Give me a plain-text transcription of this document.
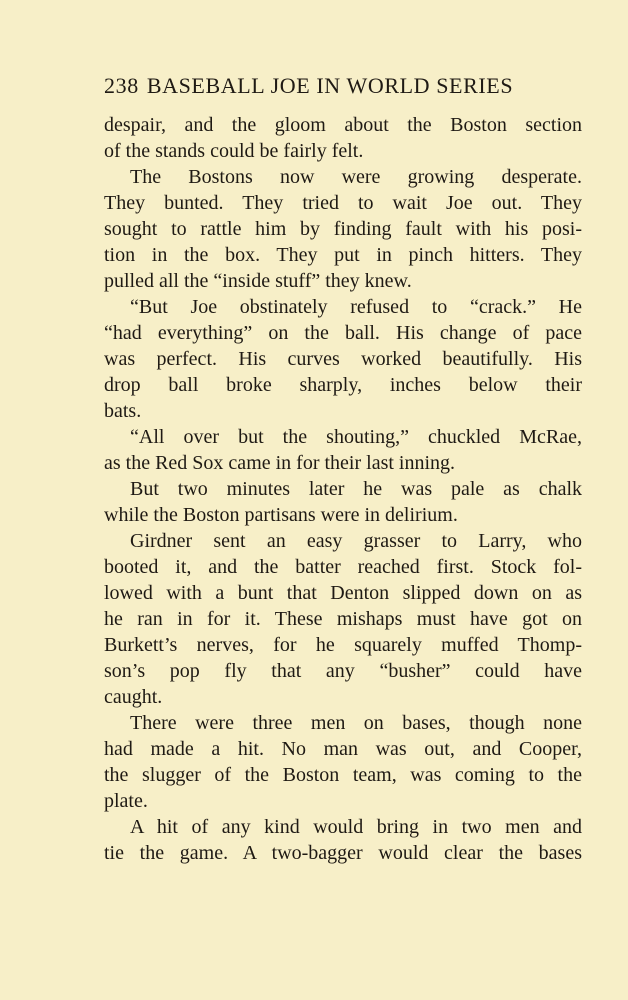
238 BASEBALL JOE IN WORLD SERIES
despair, and the gloom about the Boston section
of the stands could be fairly felt.
The Bostons now were growing desperate.
They bunted. They tried to wait Joe out. They
sought to rattle him by finding fault with his posi-
tion in the box. They put in pinch hitters. They
pulled all the “inside stuff” they knew.
“But Joe obstinately refused to “crack.” He
“had everything” on the ball. His change of pace
was perfect. His curves worked beautifully. His
drop ball broke sharply, inches below their
bats.
“All over but the shouting,” chuckled McRae,
as the Red Sox came in for their last inning.
But two minutes later he was pale as chalk
while the Boston partisans were in delirium.
Girdner sent an easy grasser to Larry, who
booted it, and the batter reached first. Stock fol-
lowed with a bunt that Denton slipped down on as
he ran in for it. These mishaps must have got on
Burkett’s nerves, for he squarely muffed Thomp-
son’s pop fly that any “busher” could have
caught.
There were three men on bases, though none
had made a hit. No man was out, and Cooper,
the slugger of the Boston team, was coming to the
plate.
A hit of any kind would bring in two men and
tie the game. A two-bagger would clear the bases
